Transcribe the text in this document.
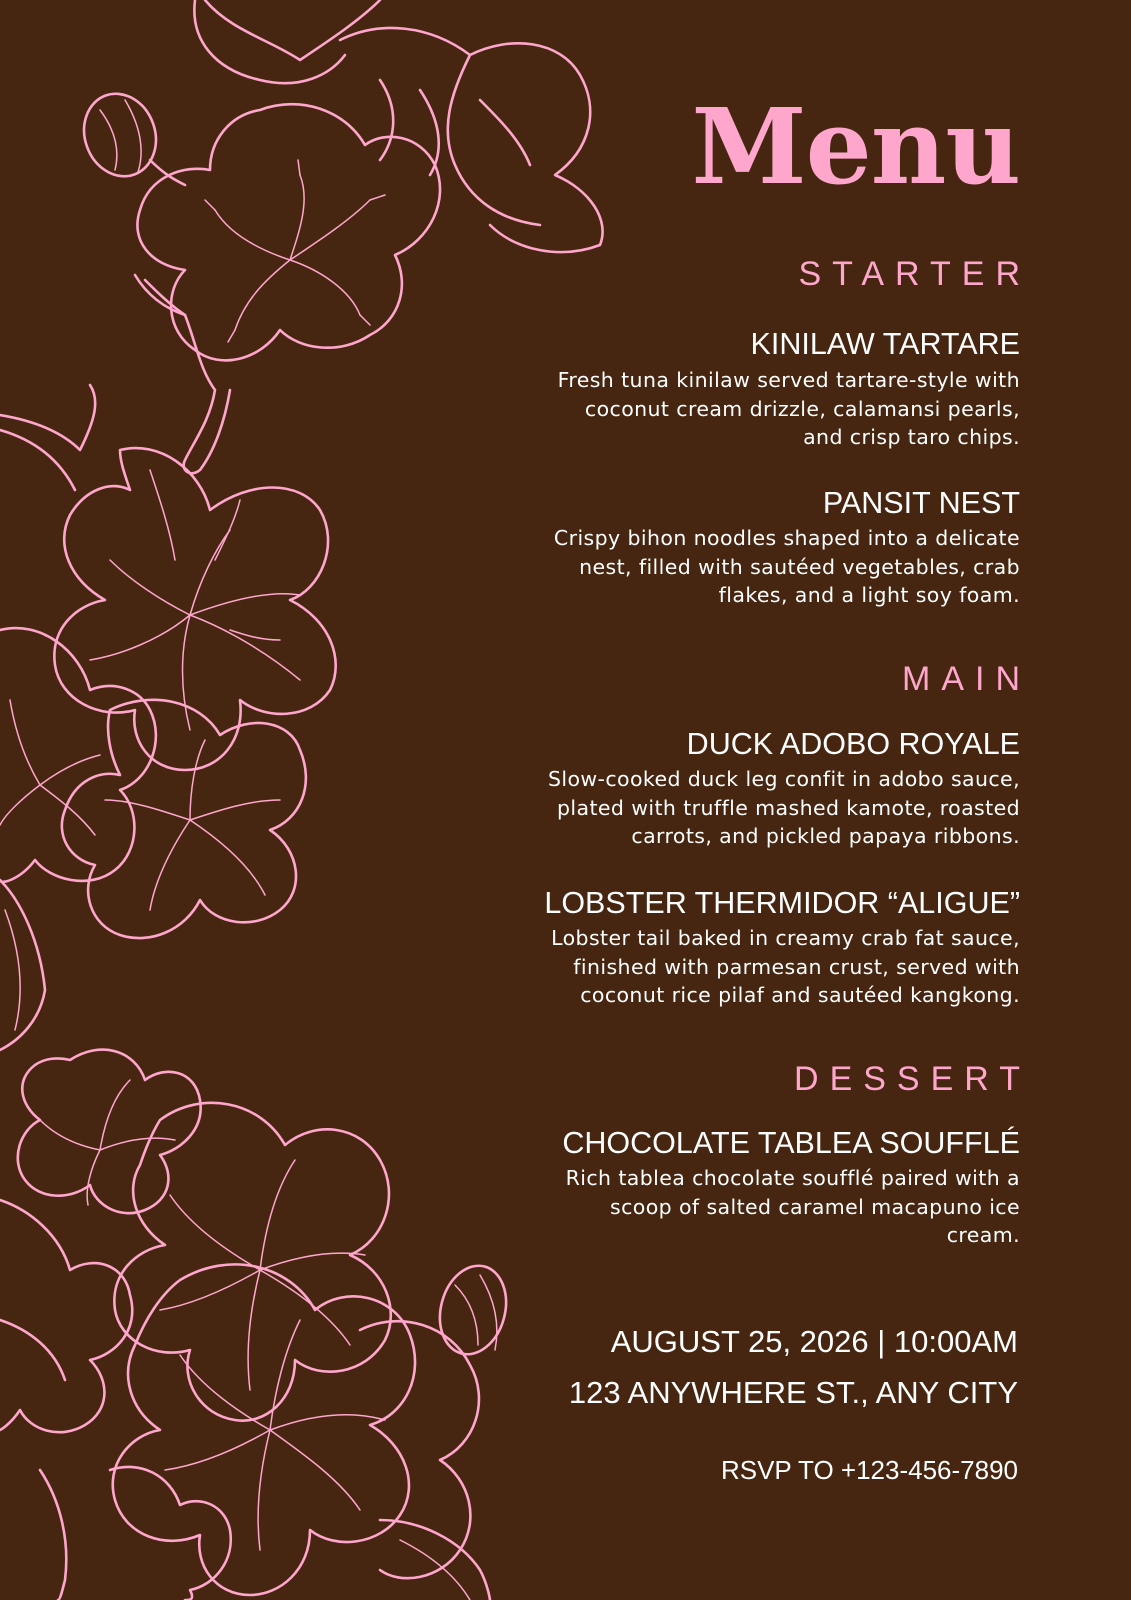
Menu
STARTER
KINILAW TARTARE
Fresh tuna kinilaw served tartare-style with
coconut cream drizzle, calamansi pearls,
and crisp taro chips.
PANSIT NEST
Crispy bihon noodles shaped into a delicate
nest, filled with sautéed vegetables, crab
flakes, and a light soy foam.
MAIN
DUCK ADOBO ROYALE
Slow-cooked duck leg confit in adobo sauce,
plated with truffle mashed kamote, roasted
carrots, and pickled papaya ribbons.
LOBSTER THERMIDOR “ALIGUE”
Lobster tail baked in creamy crab fat sauce,
finished with parmesan crust, served with
coconut rice pilaf and sautéed kangkong.
DESSERT
CHOCOLATE TABLEA SOUFFLÉ
Rich tablea chocolate soufflé paired with a
scoop of salted caramel macapuno ice
cream.
AUGUST 25, 2026 | 10:00AM
123 ANYWHERE ST., ANY CITY
RSVP TO +123-456-7890
